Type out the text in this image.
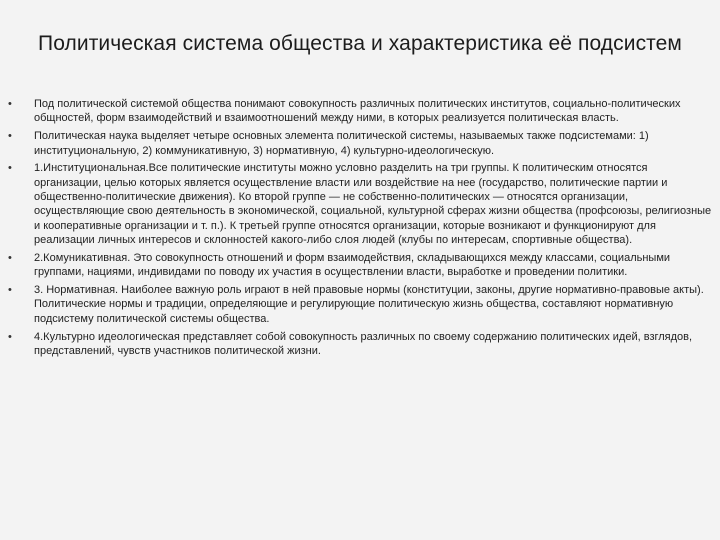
Политическая система общества и характеристика её подсистем
• Под политической системой общества понимают совокупность различных политических институтов, социально-политических общностей, форм взаимодействий и взаимоотношений между ними, в которых реализуется политическая власть.
• Политическая наука выделяет четыре основных элемента политической системы, называемых также подсистемами: 1) институциональную, 2) коммуникативную, 3) нормативную, 4) культурно-идеологическую.
• 1.Институциональная.Все политические институты можно условно разделить на три группы. К политическим относятся организации, целью которых является осуществление власти или воздействие на нее (государство, политические партии и общественно-политические движения). Ко второй группе — не собственно-политических — относятся организации, осуществляющие свою деятельность в экономической, социальной, культурной сферах жизни общества (профсоюзы, религиозные и кооперативные организации и т. п.). К третьей группе относятся организации, которые возникают и функционируют для реализации личных интересов и склонностей какого-либо слоя людей (клубы по интересам, спортивные общества).
• 2.Комуникативная. Это совокупность отношений и форм взаимодействия, складывающихся между классами, социальными группами, нациями, индивидами по поводу их участия в осуществлении власти, выработке и проведении политики.
• 3. Нормативная. Наиболее важную роль играют в ней правовые нормы (конституции, законы, другие нормативно-правовые акты). Политические нормы и традиции, определяющие и регулирующие политическую жизнь общества, составляют нормативную подсистему политической системы общества.
• 4.Культурно идеологическая представляет собой совокупность различных по своему содержанию политических идей, взглядов, представлений, чувств участников политической жизни.
